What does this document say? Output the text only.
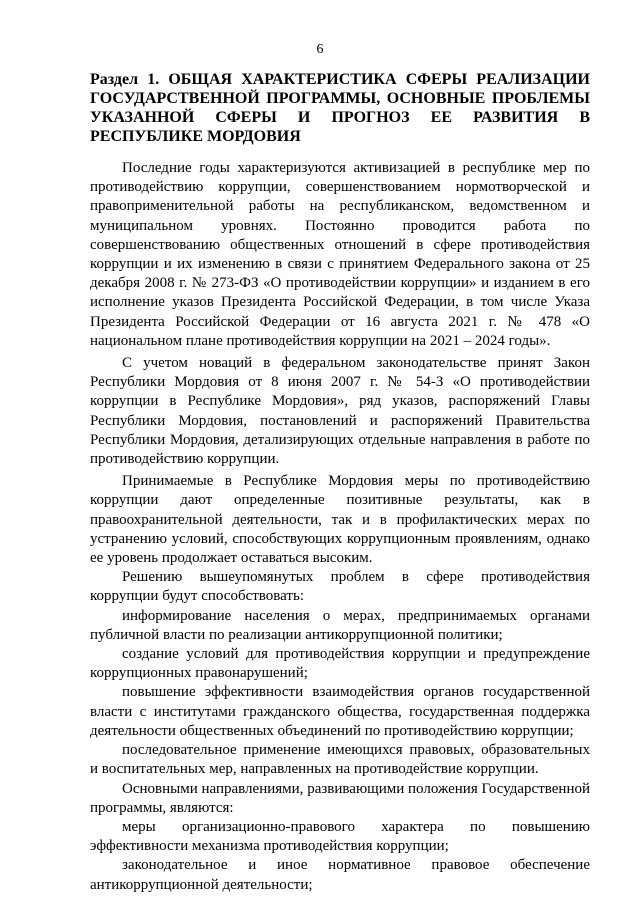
6
Раздел 1. ОБЩАЯ ХАРАКТЕРИСТИКА СФЕРЫ РЕАЛИЗАЦИИ ГОСУДАРСТВЕННОЙ ПРОГРАММЫ, ОСНОВНЫЕ ПРОБЛЕМЫ УКАЗАННОЙ СФЕРЫ И ПРОГНОЗ ЕЕ РАЗВИТИЯ В РЕСПУБЛИКЕ МОРДОВИЯ

Последние годы характеризуются активизацией в республике мер по противодействию коррупции, совершенствованием нормотворческой и правоприменительной работы на республиканском, ведомственном и муниципальном уровнях. Постоянно проводится работа по совершенствованию общественных отношений в сфере противодействия коррупции и их изменению в связи с принятием Федерального закона от 25 декабря 2008 г. № 273-ФЗ «О противодействии коррупции» и изданием в его исполнение указов Президента Российской Федерации, в том числе Указа Президента Российской Федерации от 16 августа 2021 г. № 478 «О национальном плане противодействия коррупции на 2021 – 2024 годы».

С учетом новаций в федеральном законодательстве принят Закон Республики Мордовия от 8 июня 2007 г. № 54-З «О противодействии коррупции в Республике Мордовия», ряд указов, распоряжений Главы Республики Мордовия, постановлений и распоряжений Правительства Республики Мордовия, детализирующих отдельные направления в работе по противодействию коррупции.

Принимаемые в Республике Мордовия меры по противодействию коррупции дают определенные позитивные результаты, как в правоохранительной деятельности, так и в профилактических мерах по устранению условий, способствующих коррупционным проявлениям, однако ее уровень продолжает оставаться высоким.

Решению вышеупомянутых проблем в сфере противодействия коррупции будут способствовать:

информирование населения о мерах, предпринимаемых органами публичной власти по реализации антикоррупционной политики;

создание условий для противодействия коррупции и предупреждение коррупционных правонарушений;

повышение эффективности взаимодействия органов государственной власти с институтами гражданского общества, государственная поддержка деятельности общественных объединений по противодействию коррупции;

последовательное применение имеющихся правовых, образовательных и воспитательных мер, направленных на противодействие коррупции.

Основными направлениями, развивающими положения Государственной программы, являются:

меры организационно-правового характера по повышению эффективности механизма противодействия коррупции;

законодательное и иное нормативное правовое обеспечение антикоррупционной деятельности;
